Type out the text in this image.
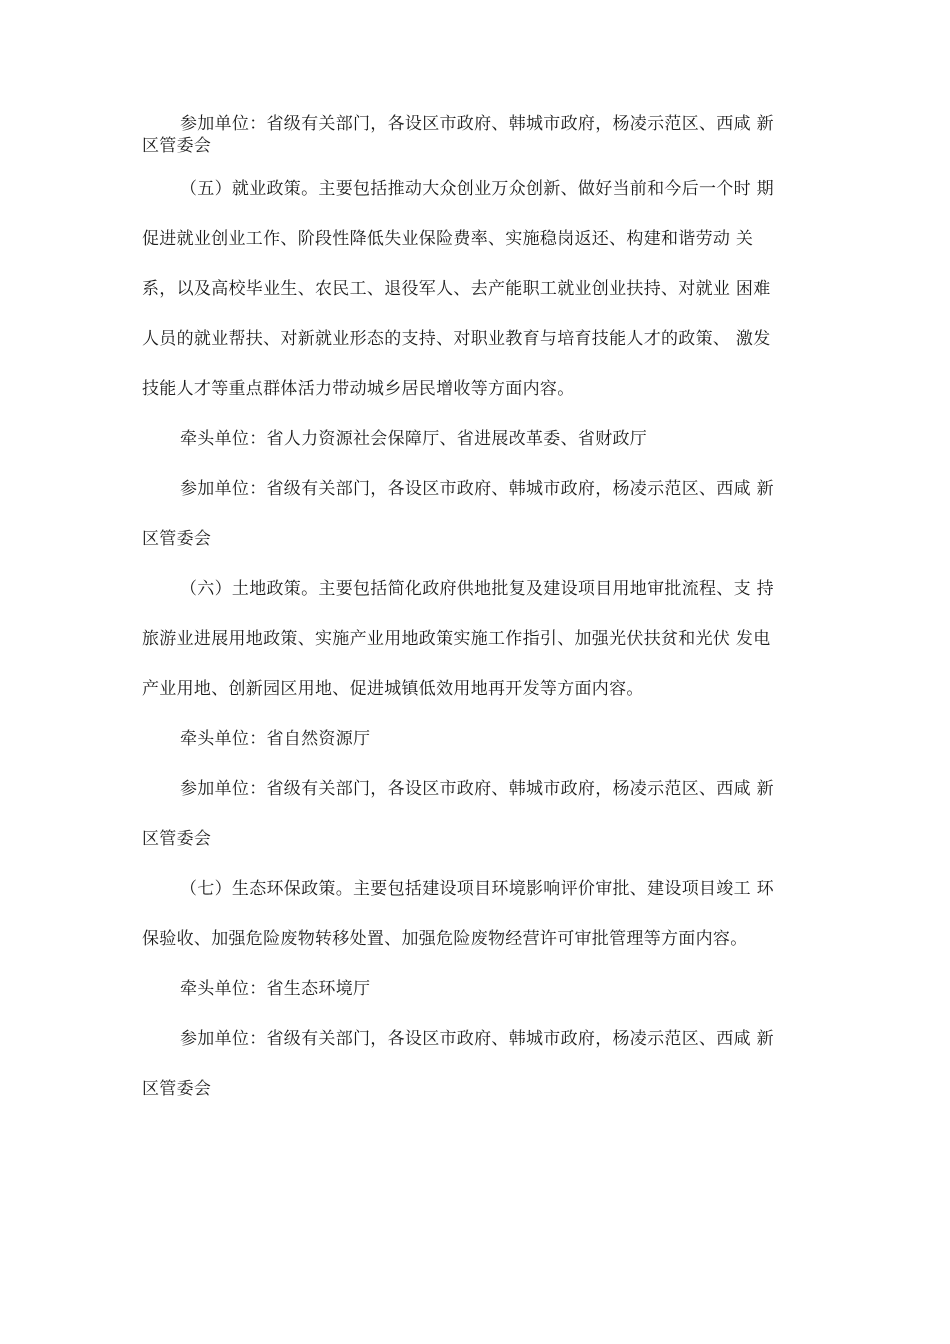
参加单位：省级有关部门，各设区市政府、韩城市政府，杨凌示范区、西咸 新
区管委会
（五）就业政策。主要包括推动大众创业万众创新、做好当前和今后一个时 期
促进就业创业工作、阶段性降低失业保险费率、实施稳岗返还、构建和谐劳动 关
系，以及高校毕业生、农民工、退役军人、去产能职工就业创业扶持、对就业 困难
人员的就业帮扶、对新就业形态的支持、对职业教育与培育技能人才的政策、 激发
技能人才等重点群体活力带动城乡居民增收等方面内容。
牵头单位：省人力资源社会保障厅、省进展改革委、省财政厅
参加单位：省级有关部门，各设区市政府、韩城市政府，杨凌示范区、西咸 新
区管委会
（六）土地政策。主要包括简化政府供地批复及建设项目用地审批流程、支 持
旅游业进展用地政策、实施产业用地政策实施工作指引、加强光伏扶贫和光伏 发电
产业用地、创新园区用地、促进城镇低效用地再开发等方面内容。
牵头单位：省自然资源厅
参加单位：省级有关部门，各设区市政府、韩城市政府，杨凌示范区、西咸 新
区管委会
（七）生态环保政策。主要包括建设项目环境影响评价审批、建设项目竣工 环
保验收、加强危险废物转移处置、加强危险废物经营许可审批管理等方面内容。
牵头单位：省生态环境厅
参加单位：省级有关部门，各设区市政府、韩城市政府，杨凌示范区、西咸 新
区管委会
